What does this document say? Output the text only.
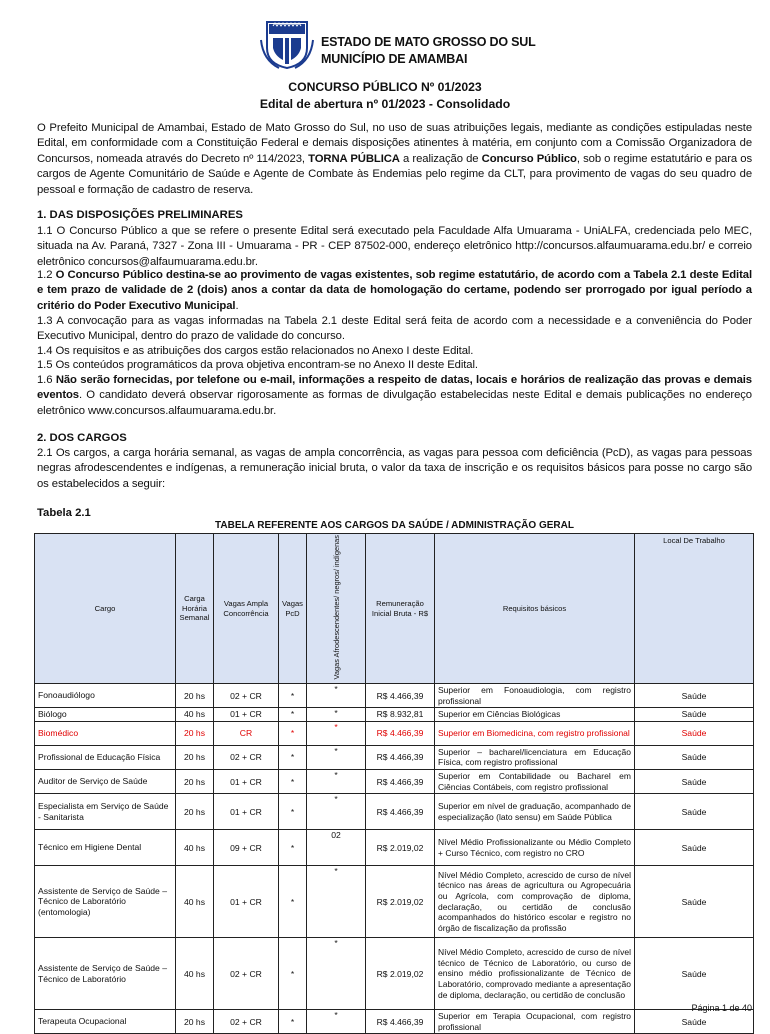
ESTADO DE MATO GROSSO DO SUL
MUNICÍPIO DE AMAMBAI
CONCURSO PÚBLICO Nº 01/2023
Edital de abertura nº 01/2023 - Consolidado
O Prefeito Municipal de Amambai, Estado de Mato Grosso do Sul, no uso de suas atribuições legais, mediante as condições estipuladas neste Edital, em conformidade com a Constituição Federal e demais disposições atinentes à matéria, em conjunto com a Comissão Organizadora de Concursos, nomeada através do Decreto nº 114/2023, TORNA PÚBLICA a realização de Concurso Público, sob o regime estatutário e para os cargos de Agente Comunitário de Saúde e Agente de Combate às Endemias pelo regime da CLT, para provimento de vagas do seu quadro de pessoal e formação de cadastro de reserva.
1. DAS DISPOSIÇÕES PRELIMINARES
1.1 O Concurso Público a que se refere o presente Edital será executado pela Faculdade Alfa Umuarama - UniALFA, credenciada pelo MEC, situada na Av. Paraná, 7327 - Zona III - Umuarama - PR - CEP 87502-000, endereço eletrônico http://concursos.alfaumuarama.edu.br/ e correio eletrônico concursos@alfaumuarama.edu.br.
1.2 O Concurso Público destina-se ao provimento de vagas existentes, sob regime estatutário, de acordo com a Tabela 2.1 deste Edital e tem prazo de validade de 2 (dois) anos a contar da data de homologação do certame, podendo ser prorrogado por igual período a critério do Poder Executivo Municipal.
1.3 A convocação para as vagas informadas na Tabela 2.1 deste Edital será feita de acordo com a necessidade e a conveniência do Poder Executivo Municipal, dentro do prazo de validade do concurso.
1.4 Os requisitos e as atribuições dos cargos estão relacionados no Anexo I deste Edital.
1.5 Os conteúdos programáticos da prova objetiva encontram-se no Anexo II deste Edital.
1.6 Não serão fornecidas, por telefone ou e-mail, informações a respeito de datas, locais e horários de realização das provas e demais eventos. O candidato deverá observar rigorosamente as formas de divulgação estabelecidas neste Edital e demais publicações no endereço eletrônico www.concursos.alfaumuarama.edu.br.
2. DOS CARGOS
2.1 Os cargos, a carga horária semanal, as vagas de ampla concorrência, as vagas para pessoa com deficiência (PcD), as vagas para pessoas negras afrodescendentes e indígenas, a remuneração inicial bruta, o valor da taxa de inscrição e os requisitos básicos para posse no cargo são os estabelecidos a seguir:
Tabela 2.1
TABELA REFERENTE AOS CARGOS DA SAÚDE / ADMINISTRAÇÃO GERAL
Cargo	Carga Horária Semanal	Vagas Ampla Concorrência	Vagas PcD	Vagas Afrodescendentes/ negros/ indígenas	Remuneração Inicial Bruta - R$	Requisitos básicos	Local De Trabalho
Fonoaudiólogo	20 hs	02 + CR	*	*	R$ 4.466,39	Superior em Fonoaudiologia, com registro profissional	Saúde
Biólogo	40 hs	01 + CR	*	*	R$ 8.932,81	Superior em Ciências Biológicas	Saúde
Biomédico	20 hs	CR	*	*	R$ 4.466,39	Superior em Biomedicina, com registro profissional	Saúde
Profissional de Educação Física	20 hs	02 + CR	*	*	R$ 4.466,39	Superior – bacharel/licenciatura em Educação Física, com registro profissional	Saúde
Auditor de Serviço de Saúde	20 hs	01 + CR	*	*	R$ 4.466,39	Superior em Contabilidade ou Bacharel em Ciências Contábeis, com registro profissional	Saúde
Especialista em Serviço de Saúde - Sanitarista	20 hs	01 + CR	*	*	R$ 4.466,39	Superior em nível de graduação, acompanhado de especialização (lato sensu) em Saúde Pública	Saúde
Técnico em Higiene Dental	40 hs	09 + CR	*	02	R$ 2.019,02	Nível Médio Profissionalizante ou Médio Completo + Curso Técnico, com registro no CRO	Saúde
Assistente de Serviço de Saúde – Técnico de Laboratório (entomologia)	40 hs	01 + CR	*	*	R$ 2.019,02	Nível Médio Completo, acrescido de curso de nível técnico nas áreas de agricultura ou Agropecuária ou Agrícola, com comprovação de diploma, declaração, ou certidão de conclusão acompanhados do histórico escolar e registro no órgão de fiscalização da profissão	Saúde
Assistente de Serviço de Saúde – Técnico de Laboratório	40 hs	02 + CR	*	*	R$ 2.019,02	Nível Médio Completo, acrescido de curso de nível técnico de Técnico de Laboratório, ou curso de ensino médio profissionalizante de Técnico de Laboratório, comprovado mediante a apresentação de diploma, declaração, ou certidão de conclusão	Saúde
Terapeuta Ocupacional	20 hs	02 + CR	*	*	R$ 4.466,39	Superior em Terapia Ocupacional, com registro profissional	Saúde
Página 1 de 40
